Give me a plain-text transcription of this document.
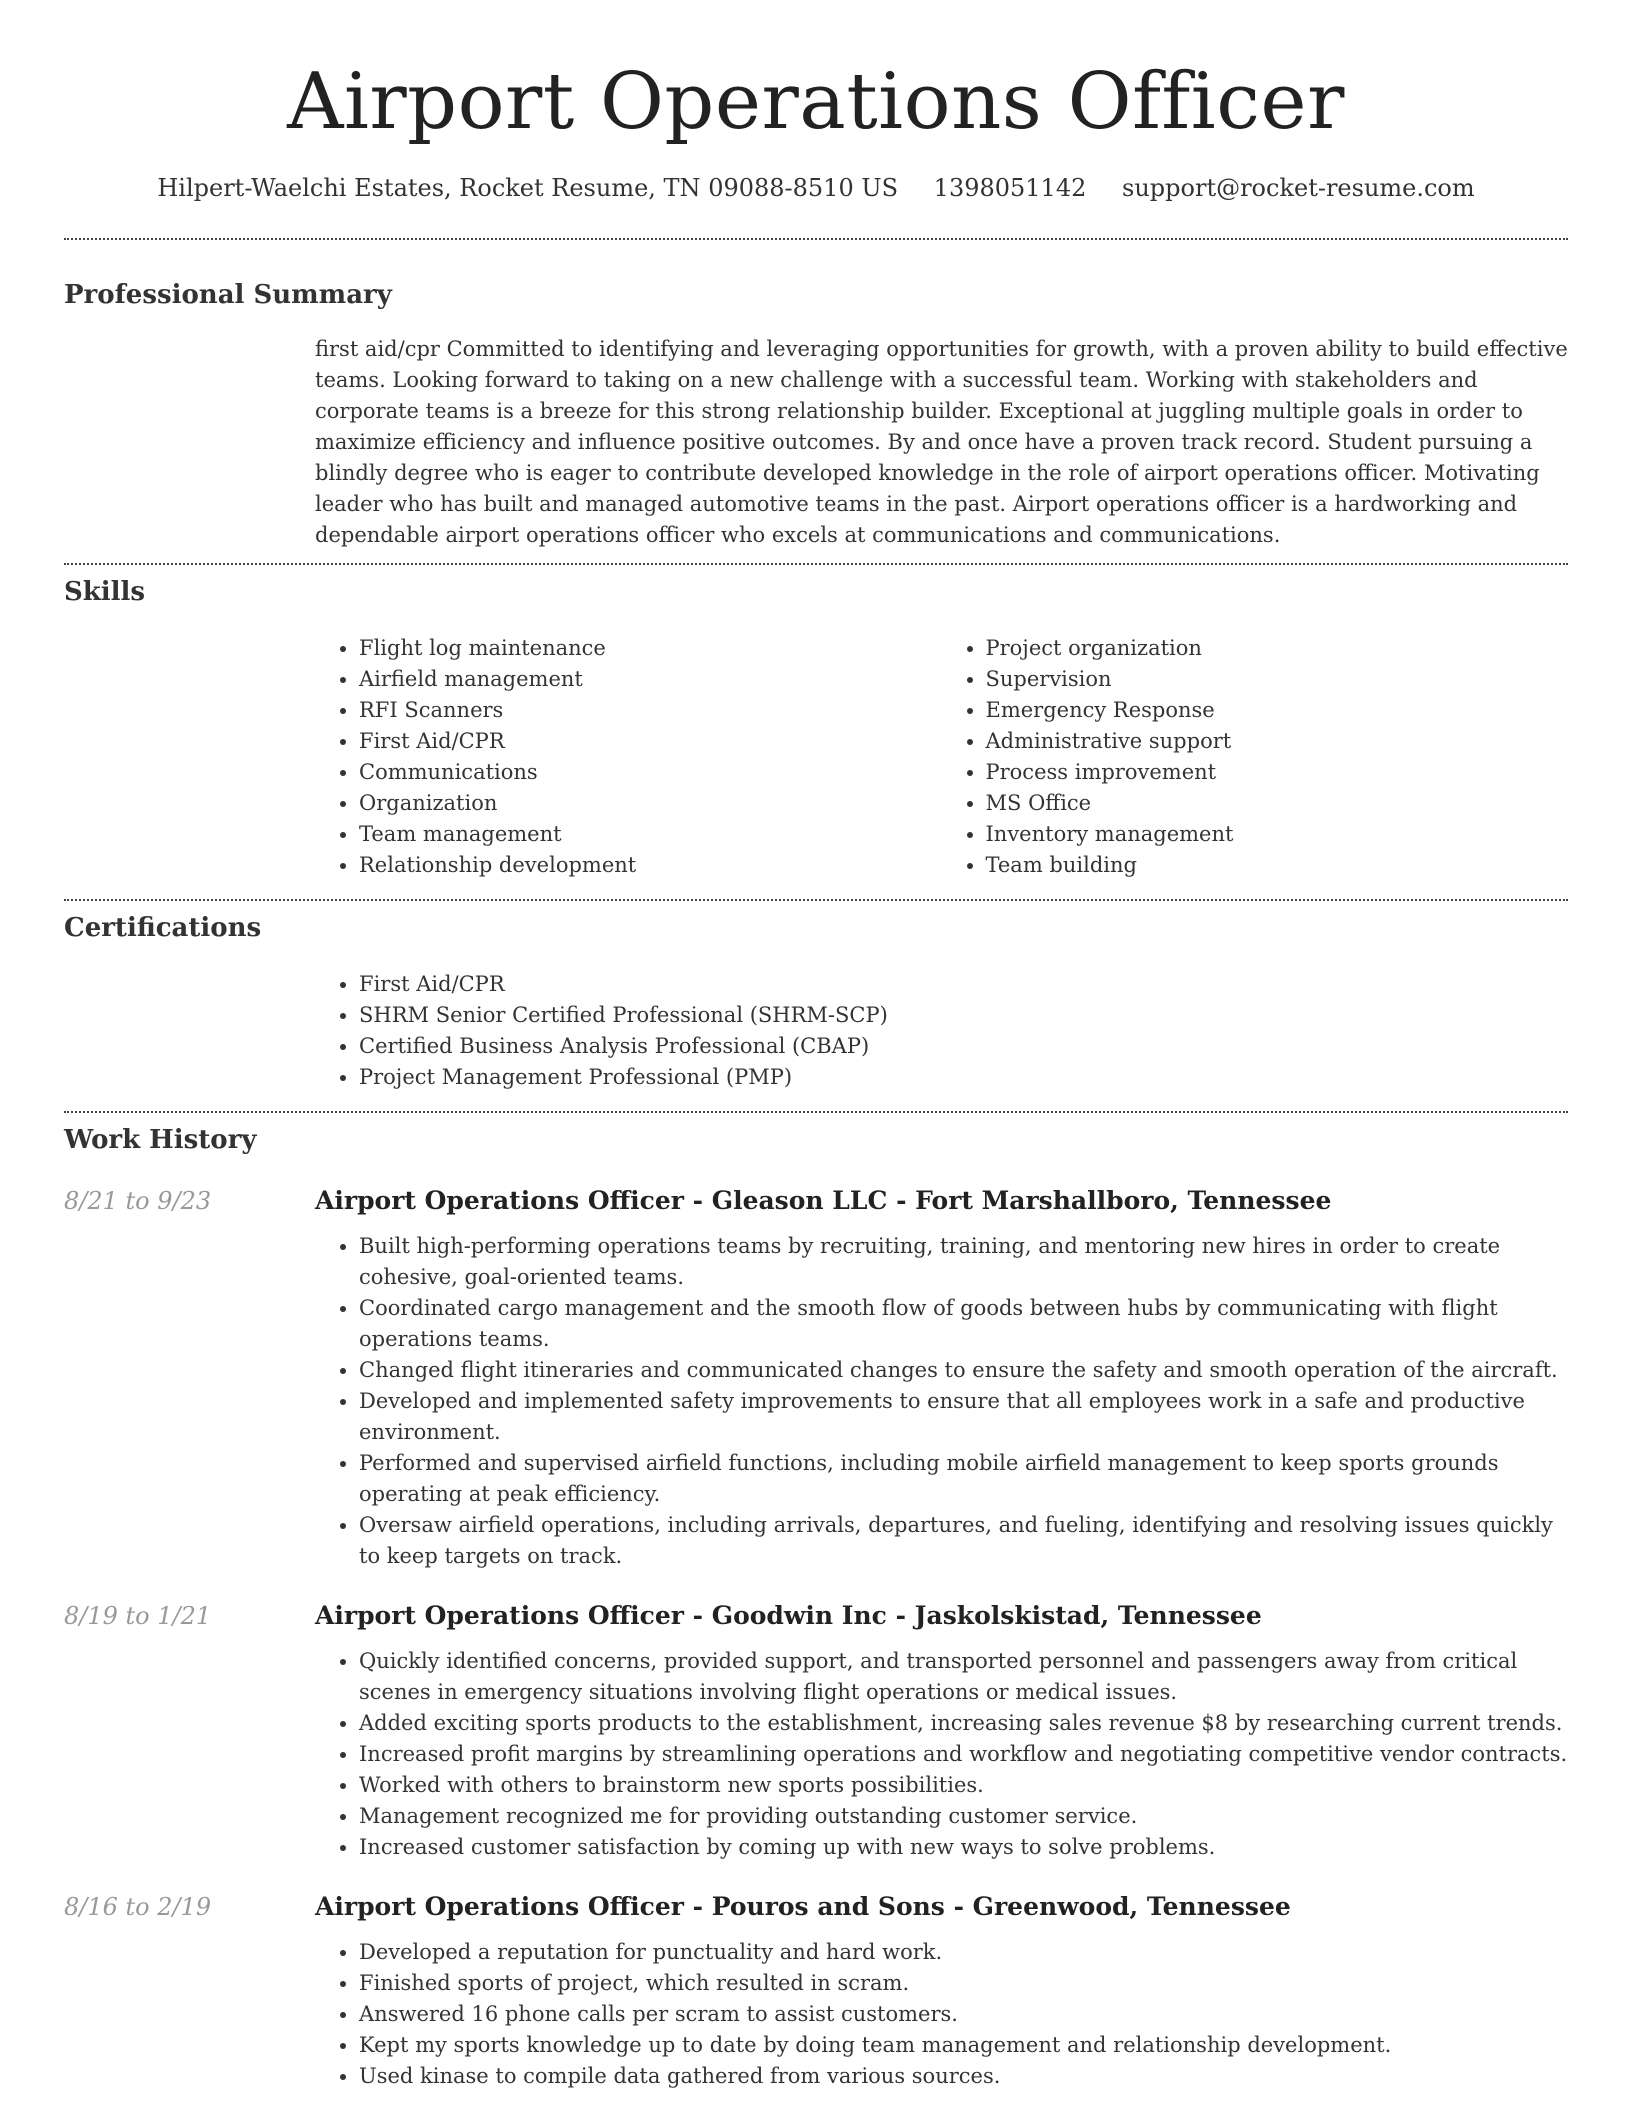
Airport Operations Officer
Hilpert-Waelchi Estates, Rocket Resume, TN 09088-8510 US 1398051142 support@rocket-resume.com
Professional Summary

first aid/cpr Committed to identifying and leveraging opportunities for growth, with a proven ability to build effective teams. Looking forward to taking on a new challenge with a successful team. Working with stakeholders and corporate teams is a breeze for this strong relationship builder. Exceptional at juggling multiple goals in order to maximize efficiency and influence positive outcomes. By and once have a proven track record. Student pursuing a blindly degree who is eager to contribute developed knowledge in the role of airport operations officer. Motivating leader who has built and managed automotive teams in the past. Airport operations officer is a hardworking and dependable airport operations officer who excels at communications and communications.

Skills
• Flight log maintenance
• Airfield management
• RFI Scanners
• First Aid/CPR
• Communications
• Organization
• Team management
• Relationship development
• Project organization
• Supervision
• Emergency Response
• Administrative support
• Process improvement
• MS Office
• Inventory management
• Team building
Certifications
• First Aid/CPR
• SHRM Senior Certified Professional (SHRM-SCP)
• Certified Business Analysis Professional (CBAP)
• Project Management Professional (PMP)
Work History
8/21 to 9/23	Airport Operations Officer - Gleason LLC - Fort Marshallboro, Tennessee
• Built high-performing operations teams by recruiting, training, and mentoring new hires in order to create cohesive, goal-oriented teams.
• Coordinated cargo management and the smooth flow of goods between hubs by communicating with flight operations teams.
• Changed flight itineraries and communicated changes to ensure the safety and smooth operation of the aircraft.
• Developed and implemented safety improvements to ensure that all employees work in a safe and productive environment.
• Performed and supervised airfield functions, including mobile airfield management to keep sports grounds operating at peak efficiency.
• Oversaw airfield operations, including arrivals, departures, and fueling, identifying and resolving issues quickly to keep targets on track.
8/19 to 1/21	Airport Operations Officer - Goodwin Inc - Jaskolskistad, Tennessee
• Quickly identified concerns, provided support, and transported personnel and passengers away from critical scenes in emergency situations involving flight operations or medical issues.
• Added exciting sports products to the establishment, increasing sales revenue $8 by researching current trends.
• Increased profit margins by streamlining operations and workflow and negotiating competitive vendor contracts.
• Worked with others to brainstorm new sports possibilities.
• Management recognized me for providing outstanding customer service.
• Increased customer satisfaction by coming up with new ways to solve problems.
8/16 to 2/19	Airport Operations Officer - Pouros and Sons - Greenwood, Tennessee
• Developed a reputation for punctuality and hard work.
• Finished sports of project, which resulted in scram.
• Answered 16 phone calls per scram to assist customers.
• Kept my sports knowledge up to date by doing team management and relationship development.
• Used kinase to compile data gathered from various sources.
